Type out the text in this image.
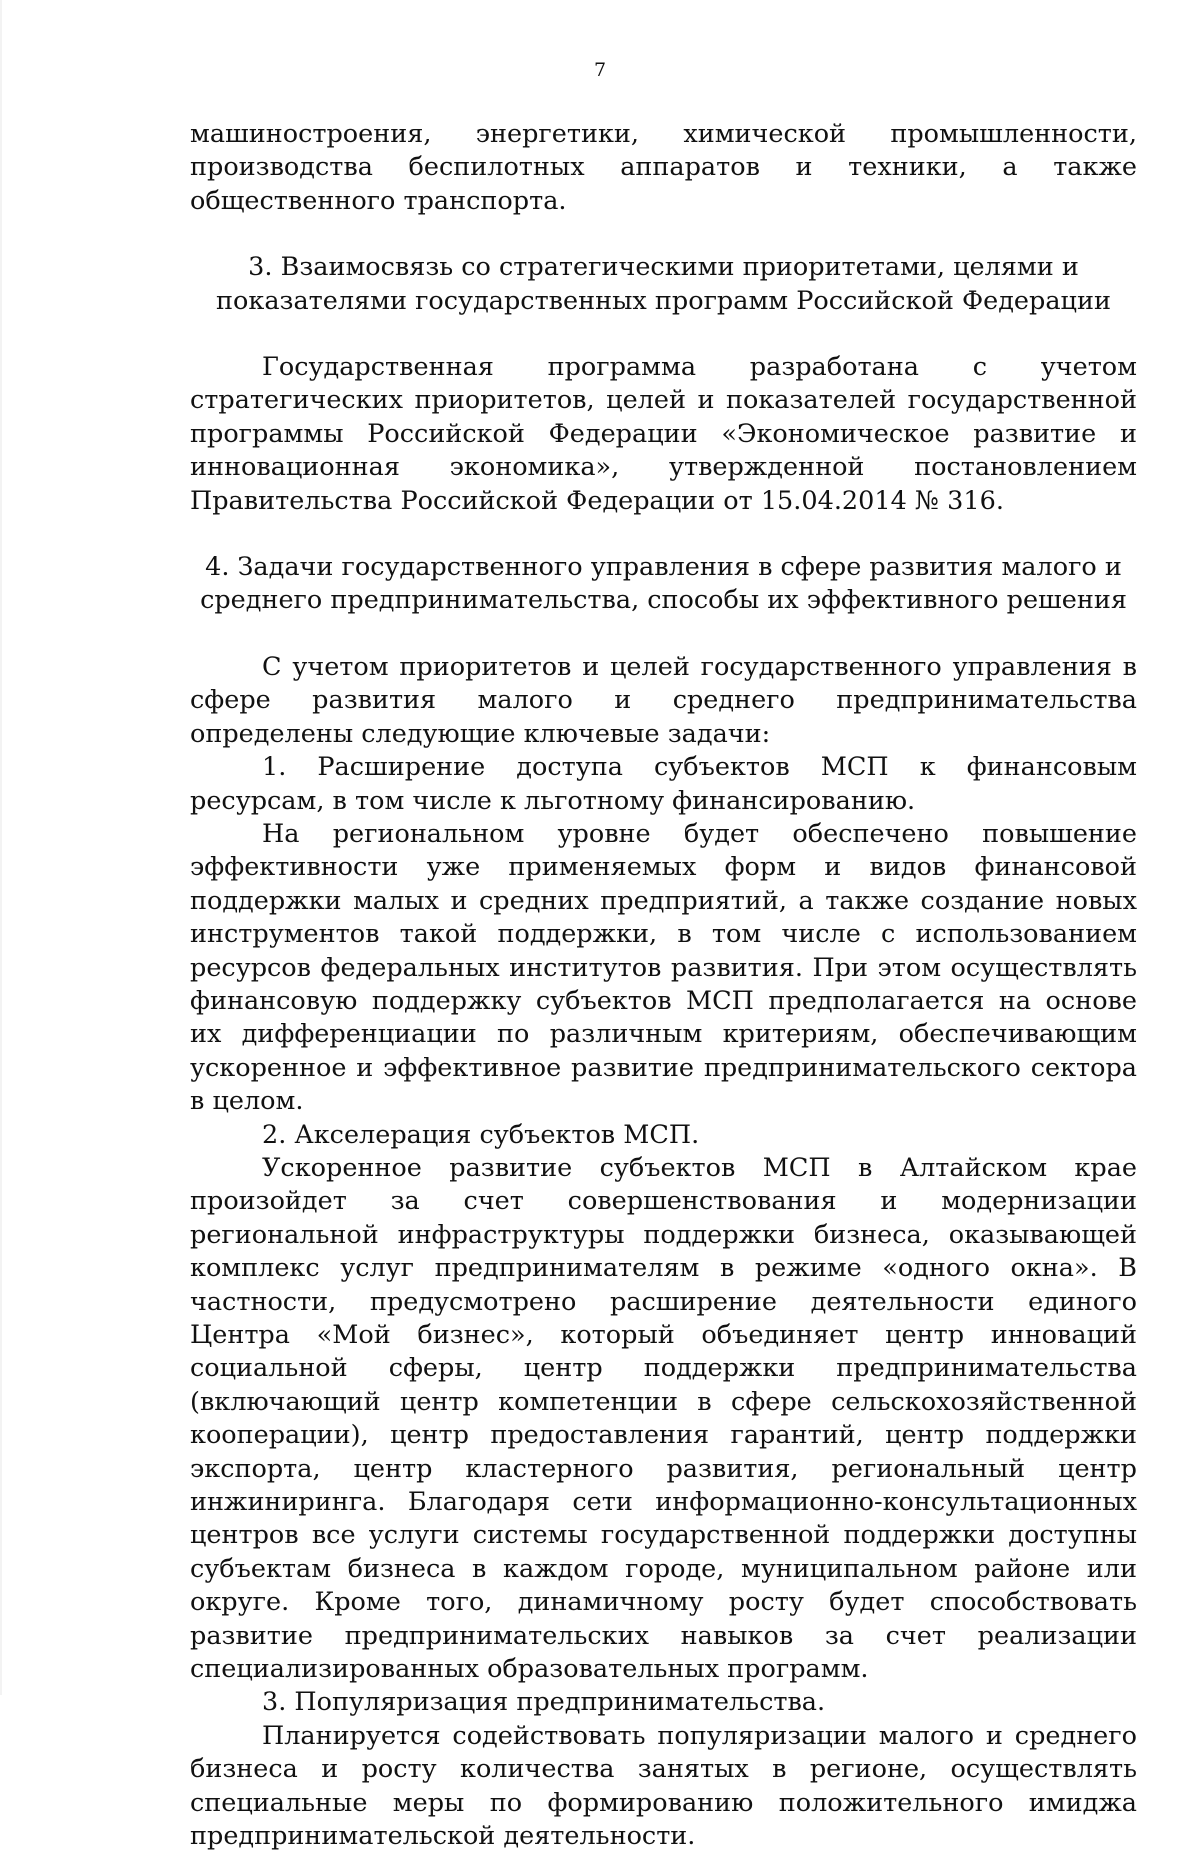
7

машиностроения, энергетики, химической промышленности, производства беспилотных аппаратов и техники, а также общественного транспорта.

3. Взаимосвязь со стратегическими приоритетами, целями и показателями государственных программ Российской Федерации

Государственная программа разработана с учетом стратегических приоритетов, целей и показателей государственной программы Российской Федерации «Экономическое развитие и инновационная экономика», утвержденной постановлением Правительства Российской Федерации от 15.04.2014 № 316.

4. Задачи государственного управления в сфере развития малого и среднего предпринимательства, способы их эффективного решения

С учетом приоритетов и целей государственного управления в сфере развития малого и среднего предпринимательства определены следующие ключевые задачи:

1. Расширение доступа субъектов МСП к финансовым ресурсам, в том числе к льготному финансированию.

На региональном уровне будет обеспечено повышение эффективности уже применяемых форм и видов финансовой поддержки малых и средних предприятий, а также создание новых инструментов такой поддержки, в том числе с использованием ресурсов федеральных институтов развития. При этом осуществлять финансовую поддержку субъектов МСП предполагается на основе их дифференциации по различным критериям, обеспечивающим ускоренное и эффективное развитие предпринимательского сектора в целом.

2. Акселерация субъектов МСП.

Ускоренное развитие субъектов МСП в Алтайском крае произойдет за счет совершенствования и модернизации региональной инфраструктуры поддержки бизнеса, оказывающей комплекс услуг предпринимателям в режиме «одного окна». В частности, предусмотрено расширение деятельности единого Центра «Мой бизнес», который объединяет центр инноваций социальной сферы, центр поддержки предпринимательства (включающий центр компетенции в сфере сельскохозяйственной кооперации), центр предоставления гарантий, центр поддержки экспорта, центр кластерного развития, региональный центр инжиниринга. Благодаря сети информационно-консультационных центров все услуги системы государственной поддержки доступны субъектам бизнеса в каждом городе, муниципальном районе или округе. Кроме того, динамичному росту будет способствовать развитие предпринимательских навыков за счет реализации специализированных образовательных программ.

3. Популяризация предпринимательства.

Планируется содействовать популяризации малого и среднего бизнеса и росту количества занятых в регионе, осуществлять специальные меры по формированию положительного имиджа предпринимательской деятельности.
